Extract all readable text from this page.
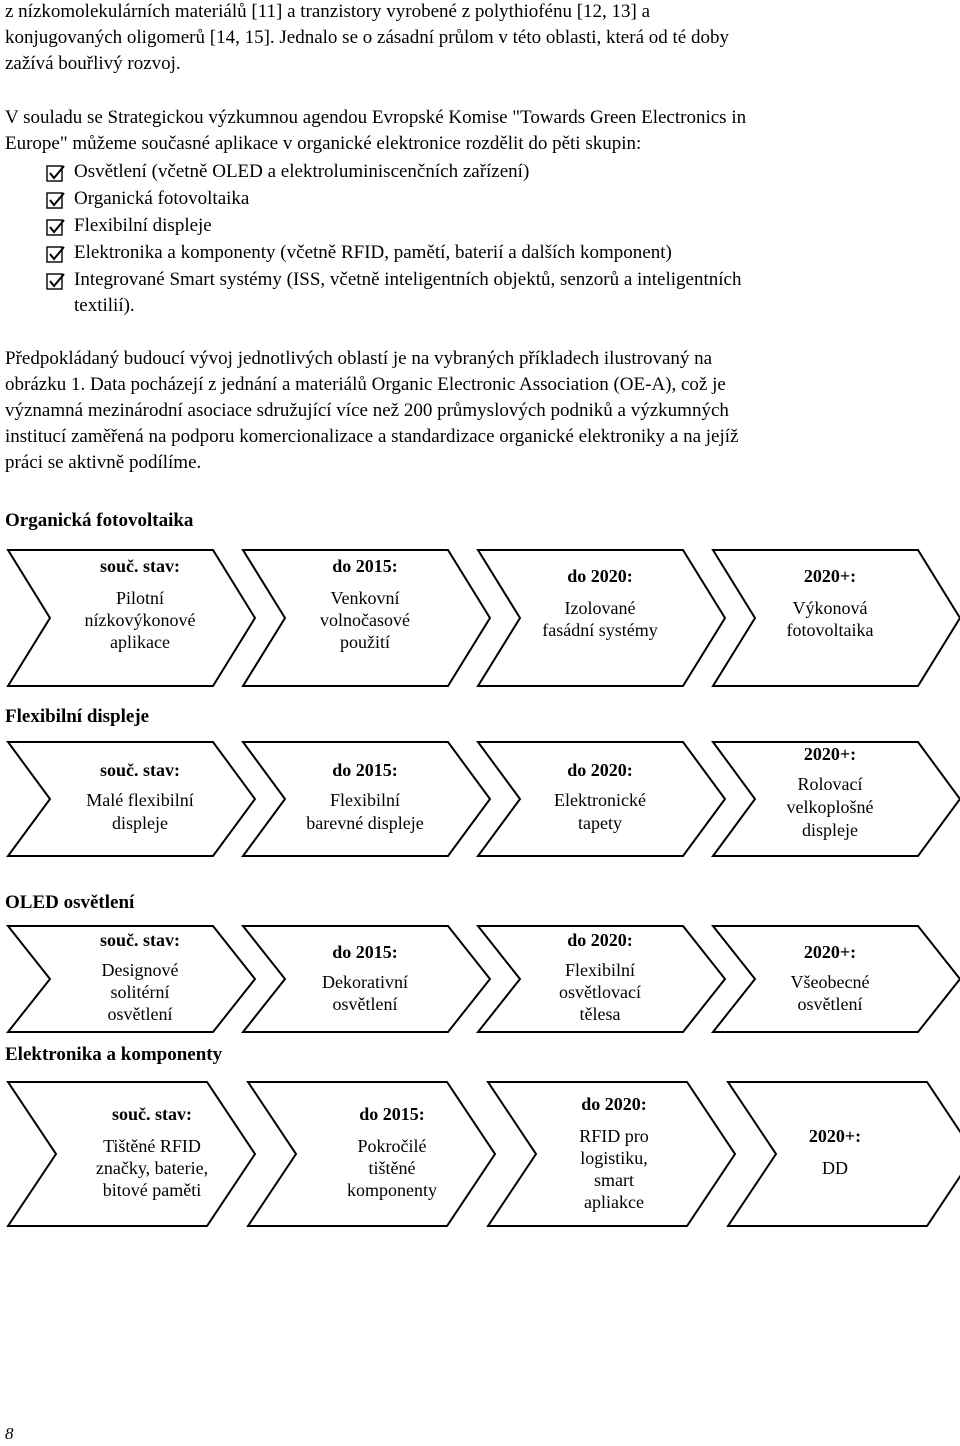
z nízkomolekulárních materiálů [11] a tranzistory vyrobené z polythiofénu [12, 13] a
konjugovaných oligomerů [14, 15]. Jednalo se o zásadní průlom v této oblasti, která od té doby
zažívá bouřlivý rozvoj.
V souladu se Strategickou výzkumnou agendou Evropské Komise "Towards Green Electronics in
Europe" můžeme současné aplikace v organické elektronice rozdělit do pěti skupin:
Osvětlení (včetně OLED a elektroluminiscenčních zařízení)
Organická fotovoltaika
Flexibilní displeje
Elektronika a komponenty (včetně RFID, pamětí, baterií a dalších komponent)
Integrované Smart systémy (ISS, včetně inteligentních objektů, senzorů a inteligentních
textilií).
Předpokládaný budoucí vývoj jednotlivých oblastí je na vybraných příkladech ilustrovaný na
obrázku 1. Data pocházejí z jednání a materiálů Organic Electronic Association (OE-A), což je
významná mezinárodní asociace sdružující více než 200 průmyslových podniků a výzkumných
institucí zaměřená na podporu komercionalizace a standardizace organické elektroniky a na jejíž
práci se aktivně podílíme.
Organická fotovoltaika
souč. stav:
Pilotní
nízkovýkonové
aplikace
do 2015:
Venkovní
volnočasové
použití
do 2020:
Izolované
fasádní systémy
2020+:
Výkonová
fotovoltaika
Flexibilní displeje
souč. stav:
Malé flexibilní
displeje
do 2015:
Flexibilní
barevné displeje
do 2020:
Elektronické
tapety
2020+:
Rolovací
velkoplošné
displeje
OLED osvětlení
souč. stav:
Designové
solitérní
osvětlení
do 2015:
Dekorativní
osvětlení
do 2020:
Flexibilní
osvětlovací
tělesa
2020+:
Všeobecné
osvětlení
Elektronika a komponenty
souč. stav:
Tištěné RFID
značky, baterie,
bitové paměti
do 2015:
Pokročilé
tištěné
komponenty
do 2020:
RFID pro
logistiku,
smart
apliakce
2020+:
DD
8
